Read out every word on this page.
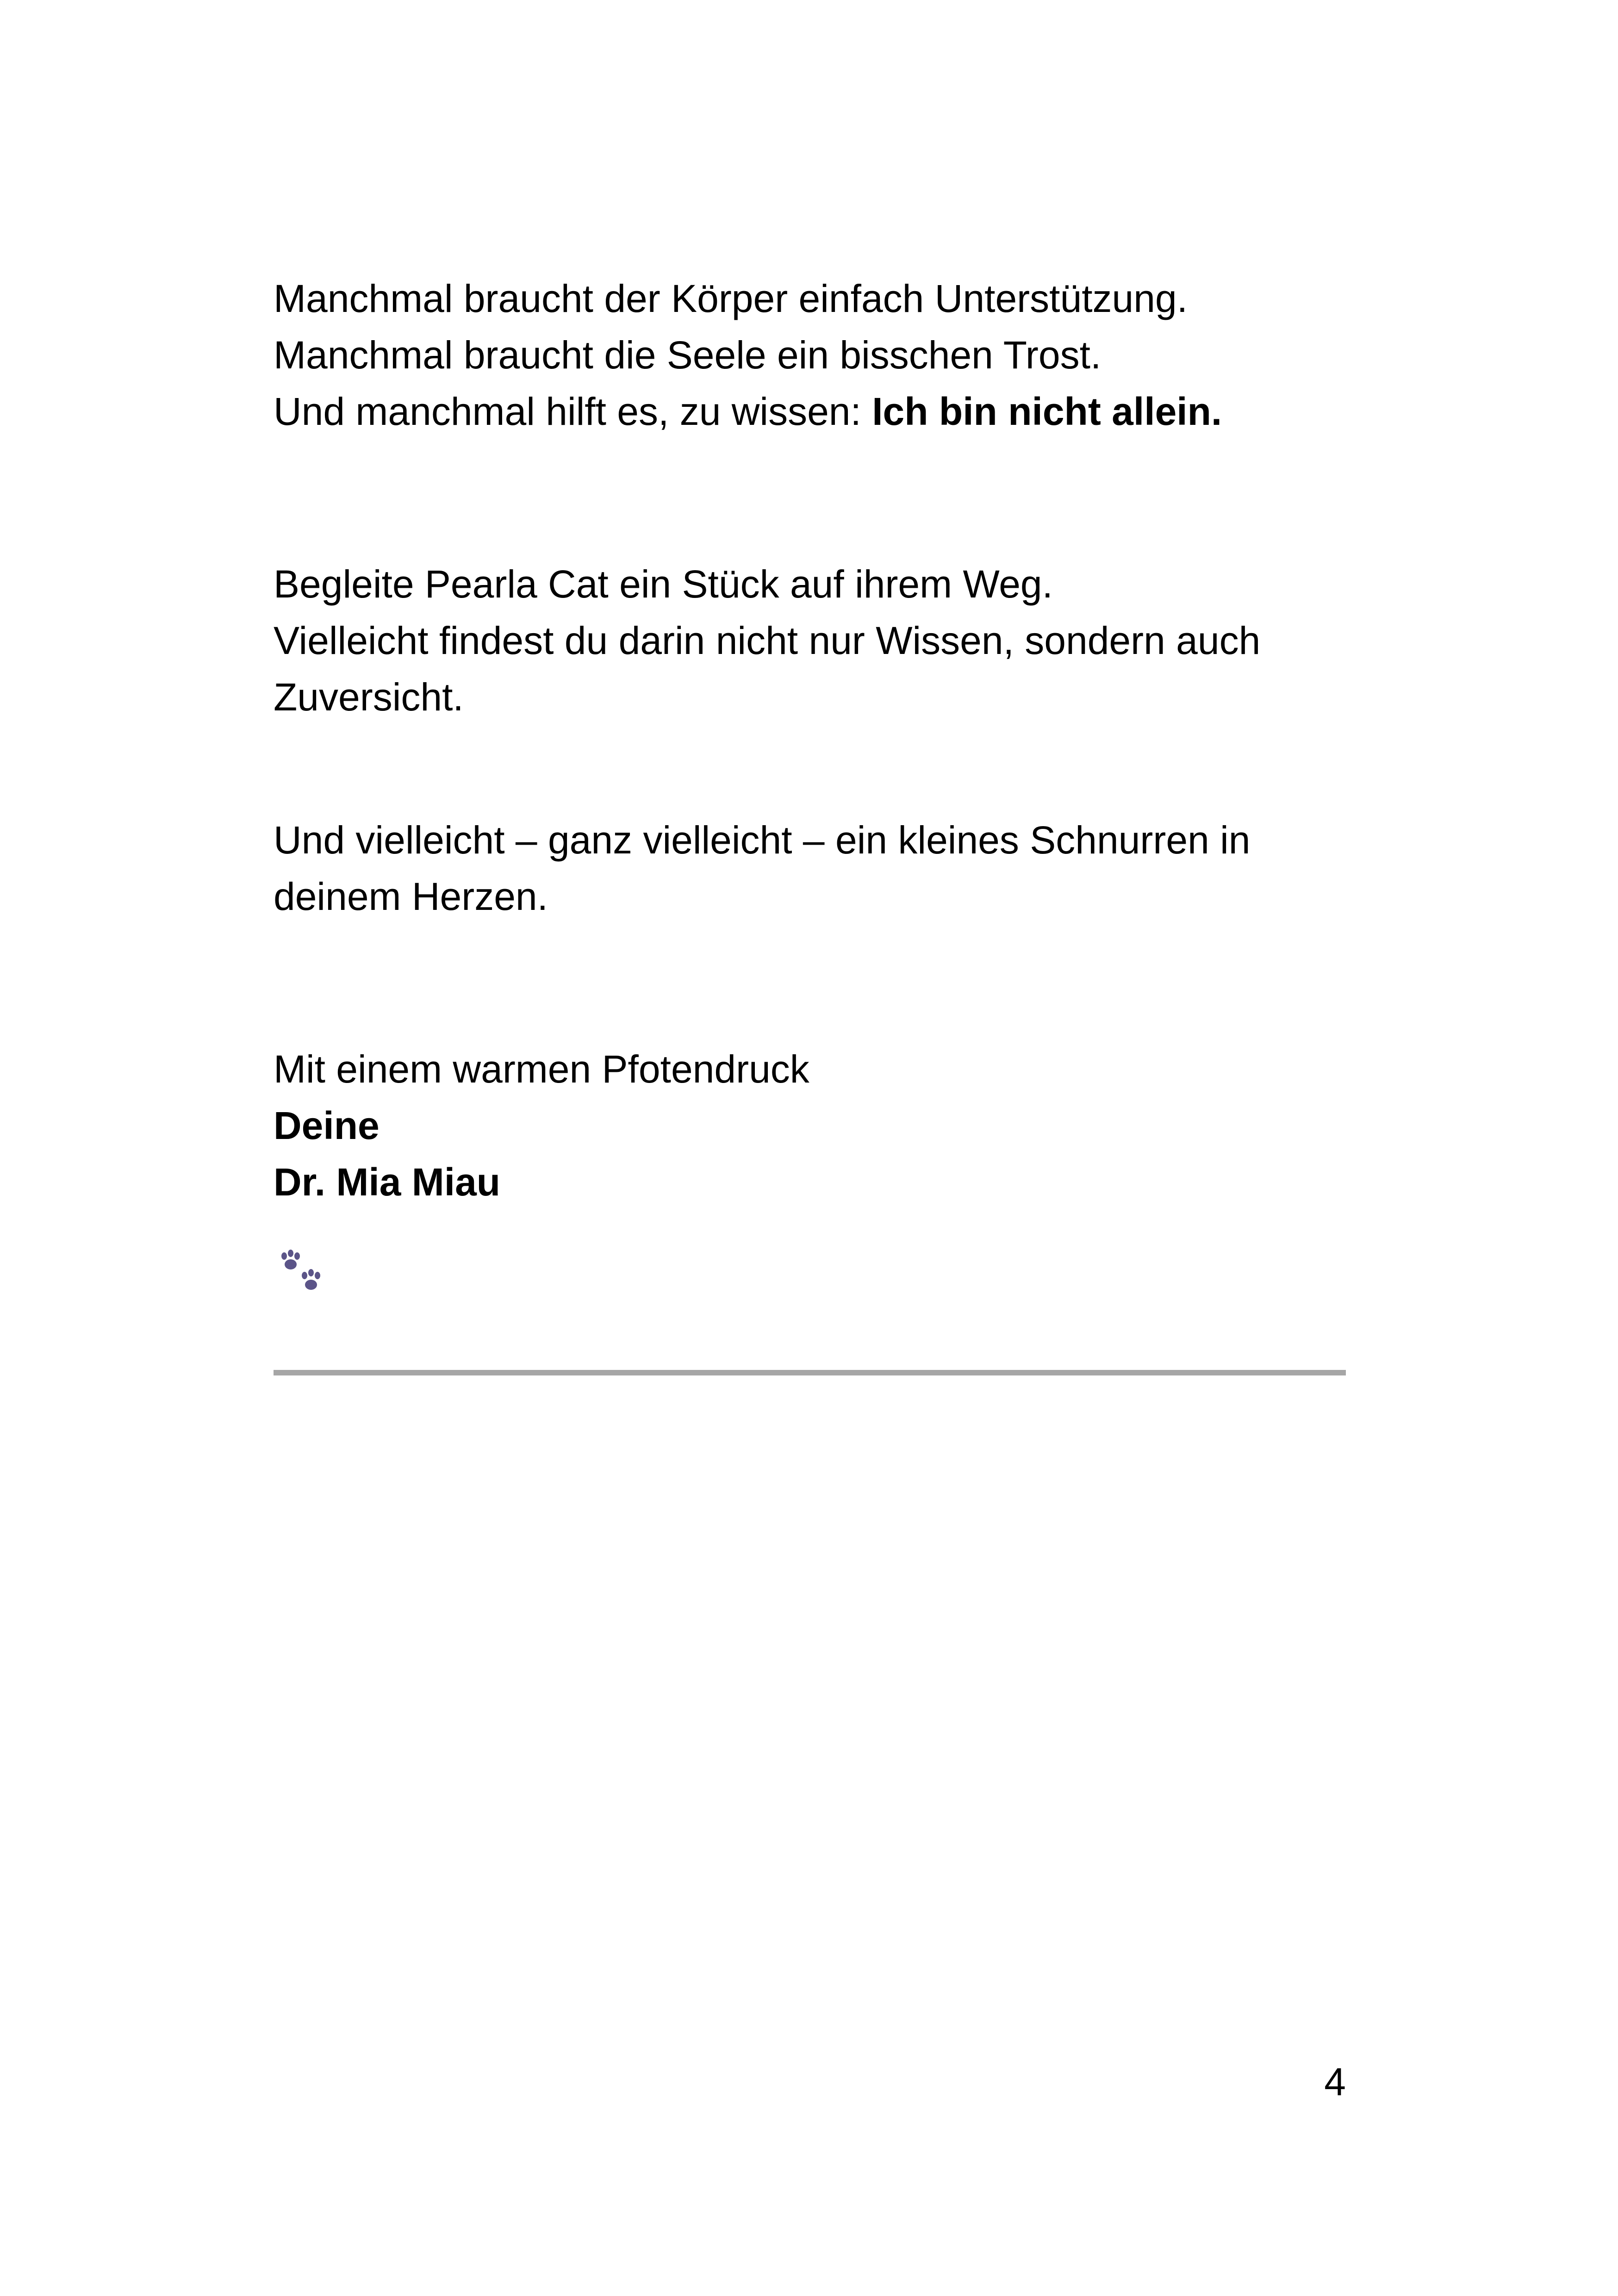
Manchmal braucht der Körper einfach Unterstützung.
Manchmal braucht die Seele ein bisschen Trost.
Und manchmal hilft es, zu wissen: Ich bin nicht allein.
Begleite Pearla Cat ein Stück auf ihrem Weg.
Vielleicht findest du darin nicht nur Wissen, sondern auch
Zuversicht.
Und vielleicht – ganz vielleicht – ein kleines Schnurren in
deinem Herzen.
Mit einem warmen Pfotendruck
Deine
Dr. Mia Miau
4
